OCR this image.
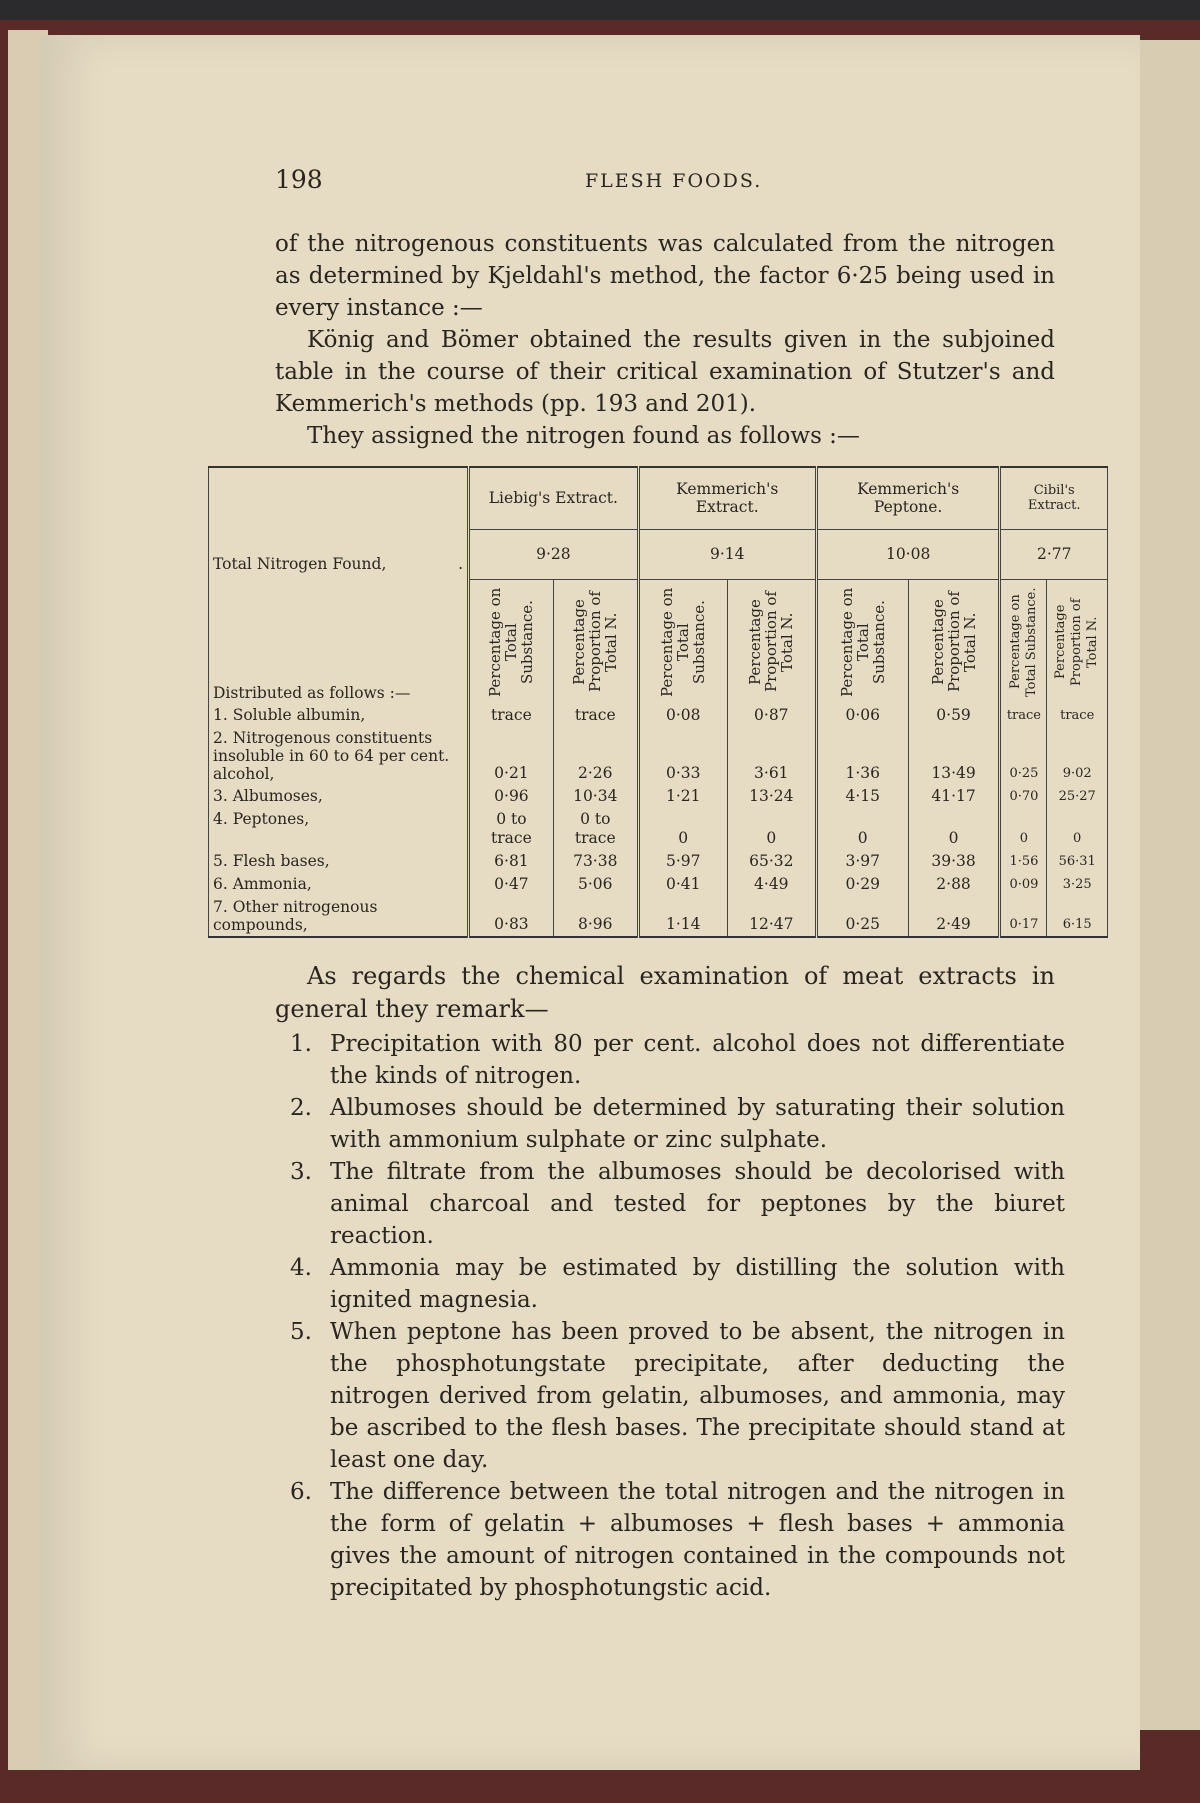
198	FLESH FOODS.

of the nitrogenous constituents was calculated from the nitrogen as determined by Kjeldahl's method, the factor 6·25 being used in every instance :—

König and Bömer obtained the results given in the subjoined table in the course of their critical examination of Stutzer's and Kemmerich's methods (pp. 193 and 201).

They assigned the nitrogen found as follows :—

Total Nitrogen Found, .	Liebig's Extract.		Kemmerich's Extract.		Kemmerich's Peptone.		Cibil's Extract.	
	9·28		9·14		10·08		2·77	
Distributed as follows :—	Percentage on Total Substance.	Percentage Proportion of Total N.	Percentage on Total Substance.	Percentage Proportion of Total N.	Percentage on Total Substance.	Percentage Proportion of Total N.	Percentage on Total Substance.	Percentage Proportion of Total N.

1. Soluble albumin,	trace	trace	0·08	0·87	0·06	0·59	trace	trace
2. Nitrogenous constituents insoluble in 60 to 64 per cent. alcohol,	0·21	2·26	0·33	3·61	1·36	13·49	0·25	9·02
3. Albumoses,	0·96	10·34	1·21	13·24	4·15	41·17	0·70	25·27
4. Peptones,	0 to trace	0 to trace	0	0	0	0	0	0
5. Flesh bases,	6·81	73·38	5·97	65·32	3·97	39·38	1·56	56·31
6. Ammonia,	0·47	5·06	0·41	4·49	0·29	2·88	0·09	3·25
7. Other nitrogenous compounds,	0·83	8·96	1·14	12·47	0·25	2·49	0·17	6·15

As regards the chemical examination of meat extracts in general they remark—

1. Precipitation with 80 per cent. alcohol does not differentiate the kinds of nitrogen.
2. Albumoses should be determined by saturating their solution with ammonium sulphate or zinc sulphate.
3. The filtrate from the albumoses should be decolorised with animal charcoal and tested for peptones by the biuret reaction.
4. Ammonia may be estimated by distilling the solution with ignited magnesia.
5. When peptone has been proved to be absent, the nitrogen in the phosphotungstate precipitate, after deducting the nitrogen derived from gelatin, albumoses, and ammonia, may be ascribed to the flesh bases. The precipitate should stand at least one day.
6. The difference between the total nitrogen and the nitrogen in the form of gelatin + albumoses + flesh bases + ammonia gives the amount of nitrogen contained in the compounds not precipitated by phosphotungstic acid.
